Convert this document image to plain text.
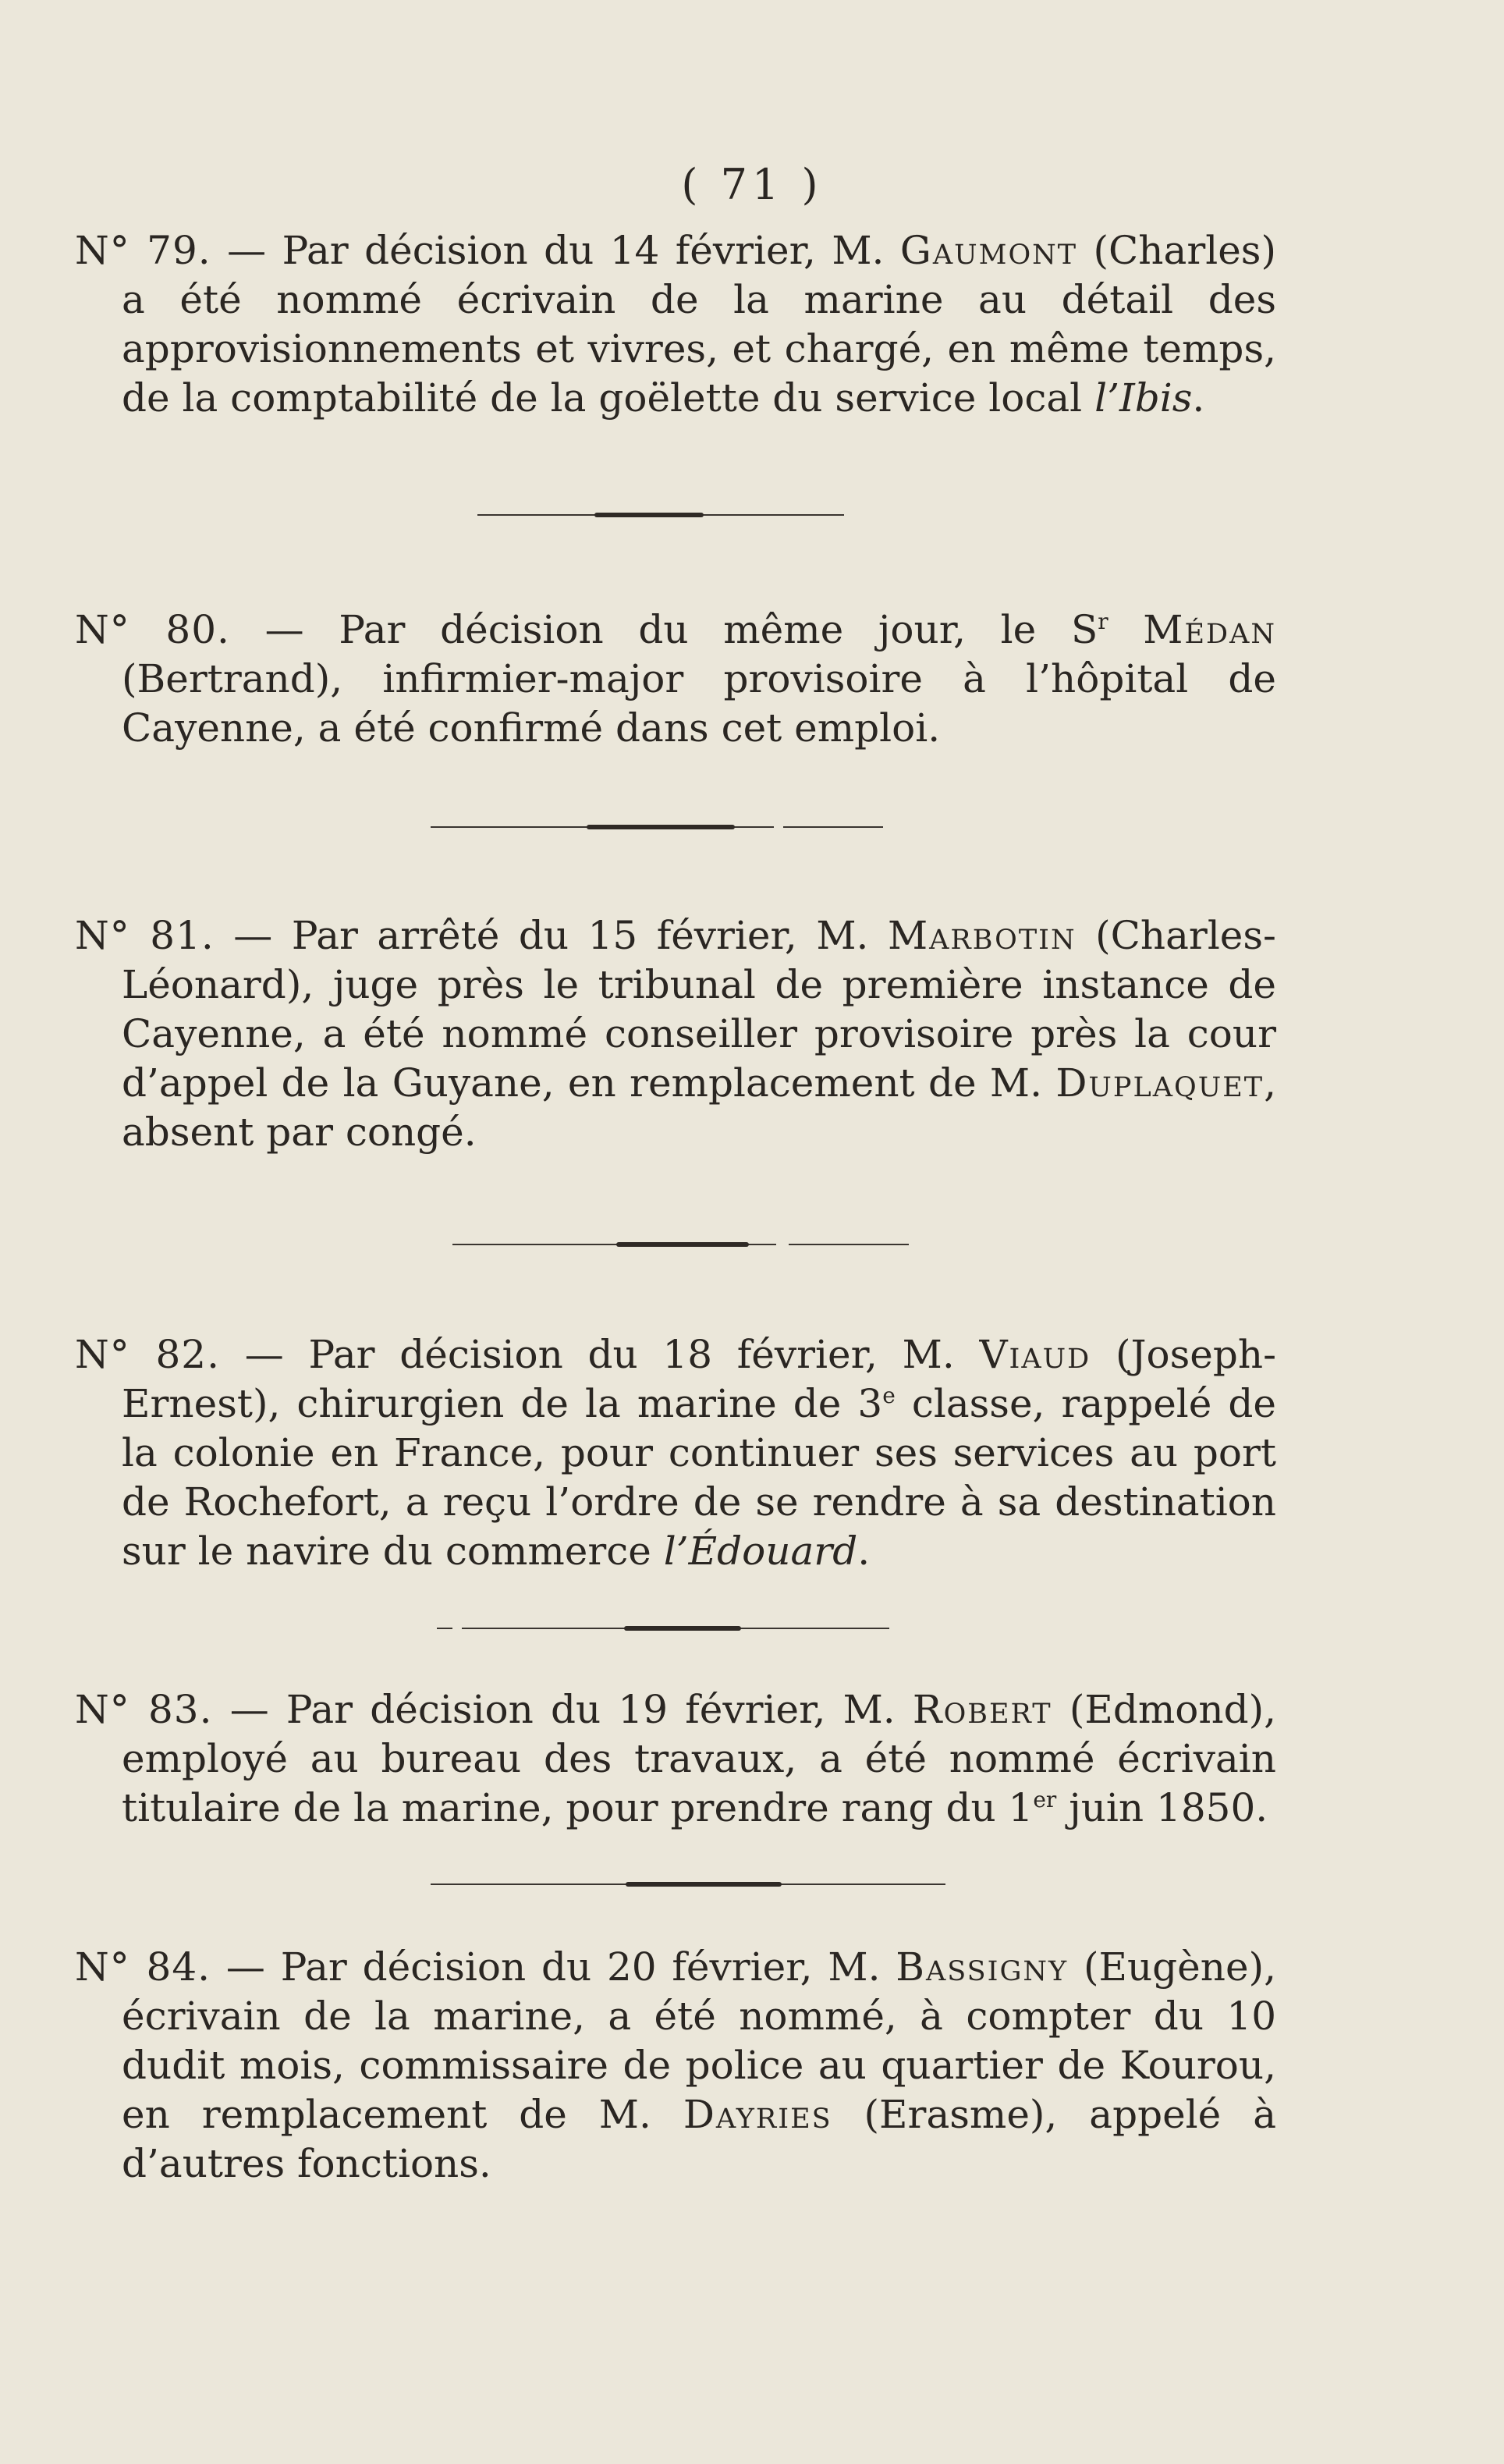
( 71 )

N° 79. — Par décision du 14 février, M. Gaumont (Charles) a été nommé écrivain de la marine au détail des approvisionnements et vivres, et chargé, en même temps, de la comptabilité de la goëlette du service local l’Ibis.

N° 80. — Par décision du même jour, le $S^r$ Médan (Bertrand), infirmier-major provisoire à l’hôpital de Cayenne, a été confirmé dans cet emploi.

N° 81. — Par arrêté du 15 février, M. Marbotin (Charles-Léonard), juge près le tribunal de première instance de Cayenne, a été nommé conseiller provisoire près la cour d’appel de la Guyane, en remplacement de M. Duplaquet, absent par congé.

N° 82. — Par décision du 18 février, M. Viaud (Joseph-Ernest), chirurgien de la marine de 3e classe, rappelé de la colonie en France, pour continuer ses services au port de Rochefort, a reçu l’ordre de se rendre à sa destination sur le navire du commerce l’Édouard.

N° 83. — Par décision du 19 février, M. Robert (Edmond), employé au bureau des travaux, a été nommé écrivain titulaire de la marine, pour prendre rang du 1er juin 1850.

N° 84. — Par décision du 20 février, M. Bassigny (Eugène), écrivain de la marine, a été nommé, à compter du 10 dudit mois, commissaire de police au quartier de Kourou, en remplacement de M. Dayries (Erasme), appelé à d’autres fonctions.
